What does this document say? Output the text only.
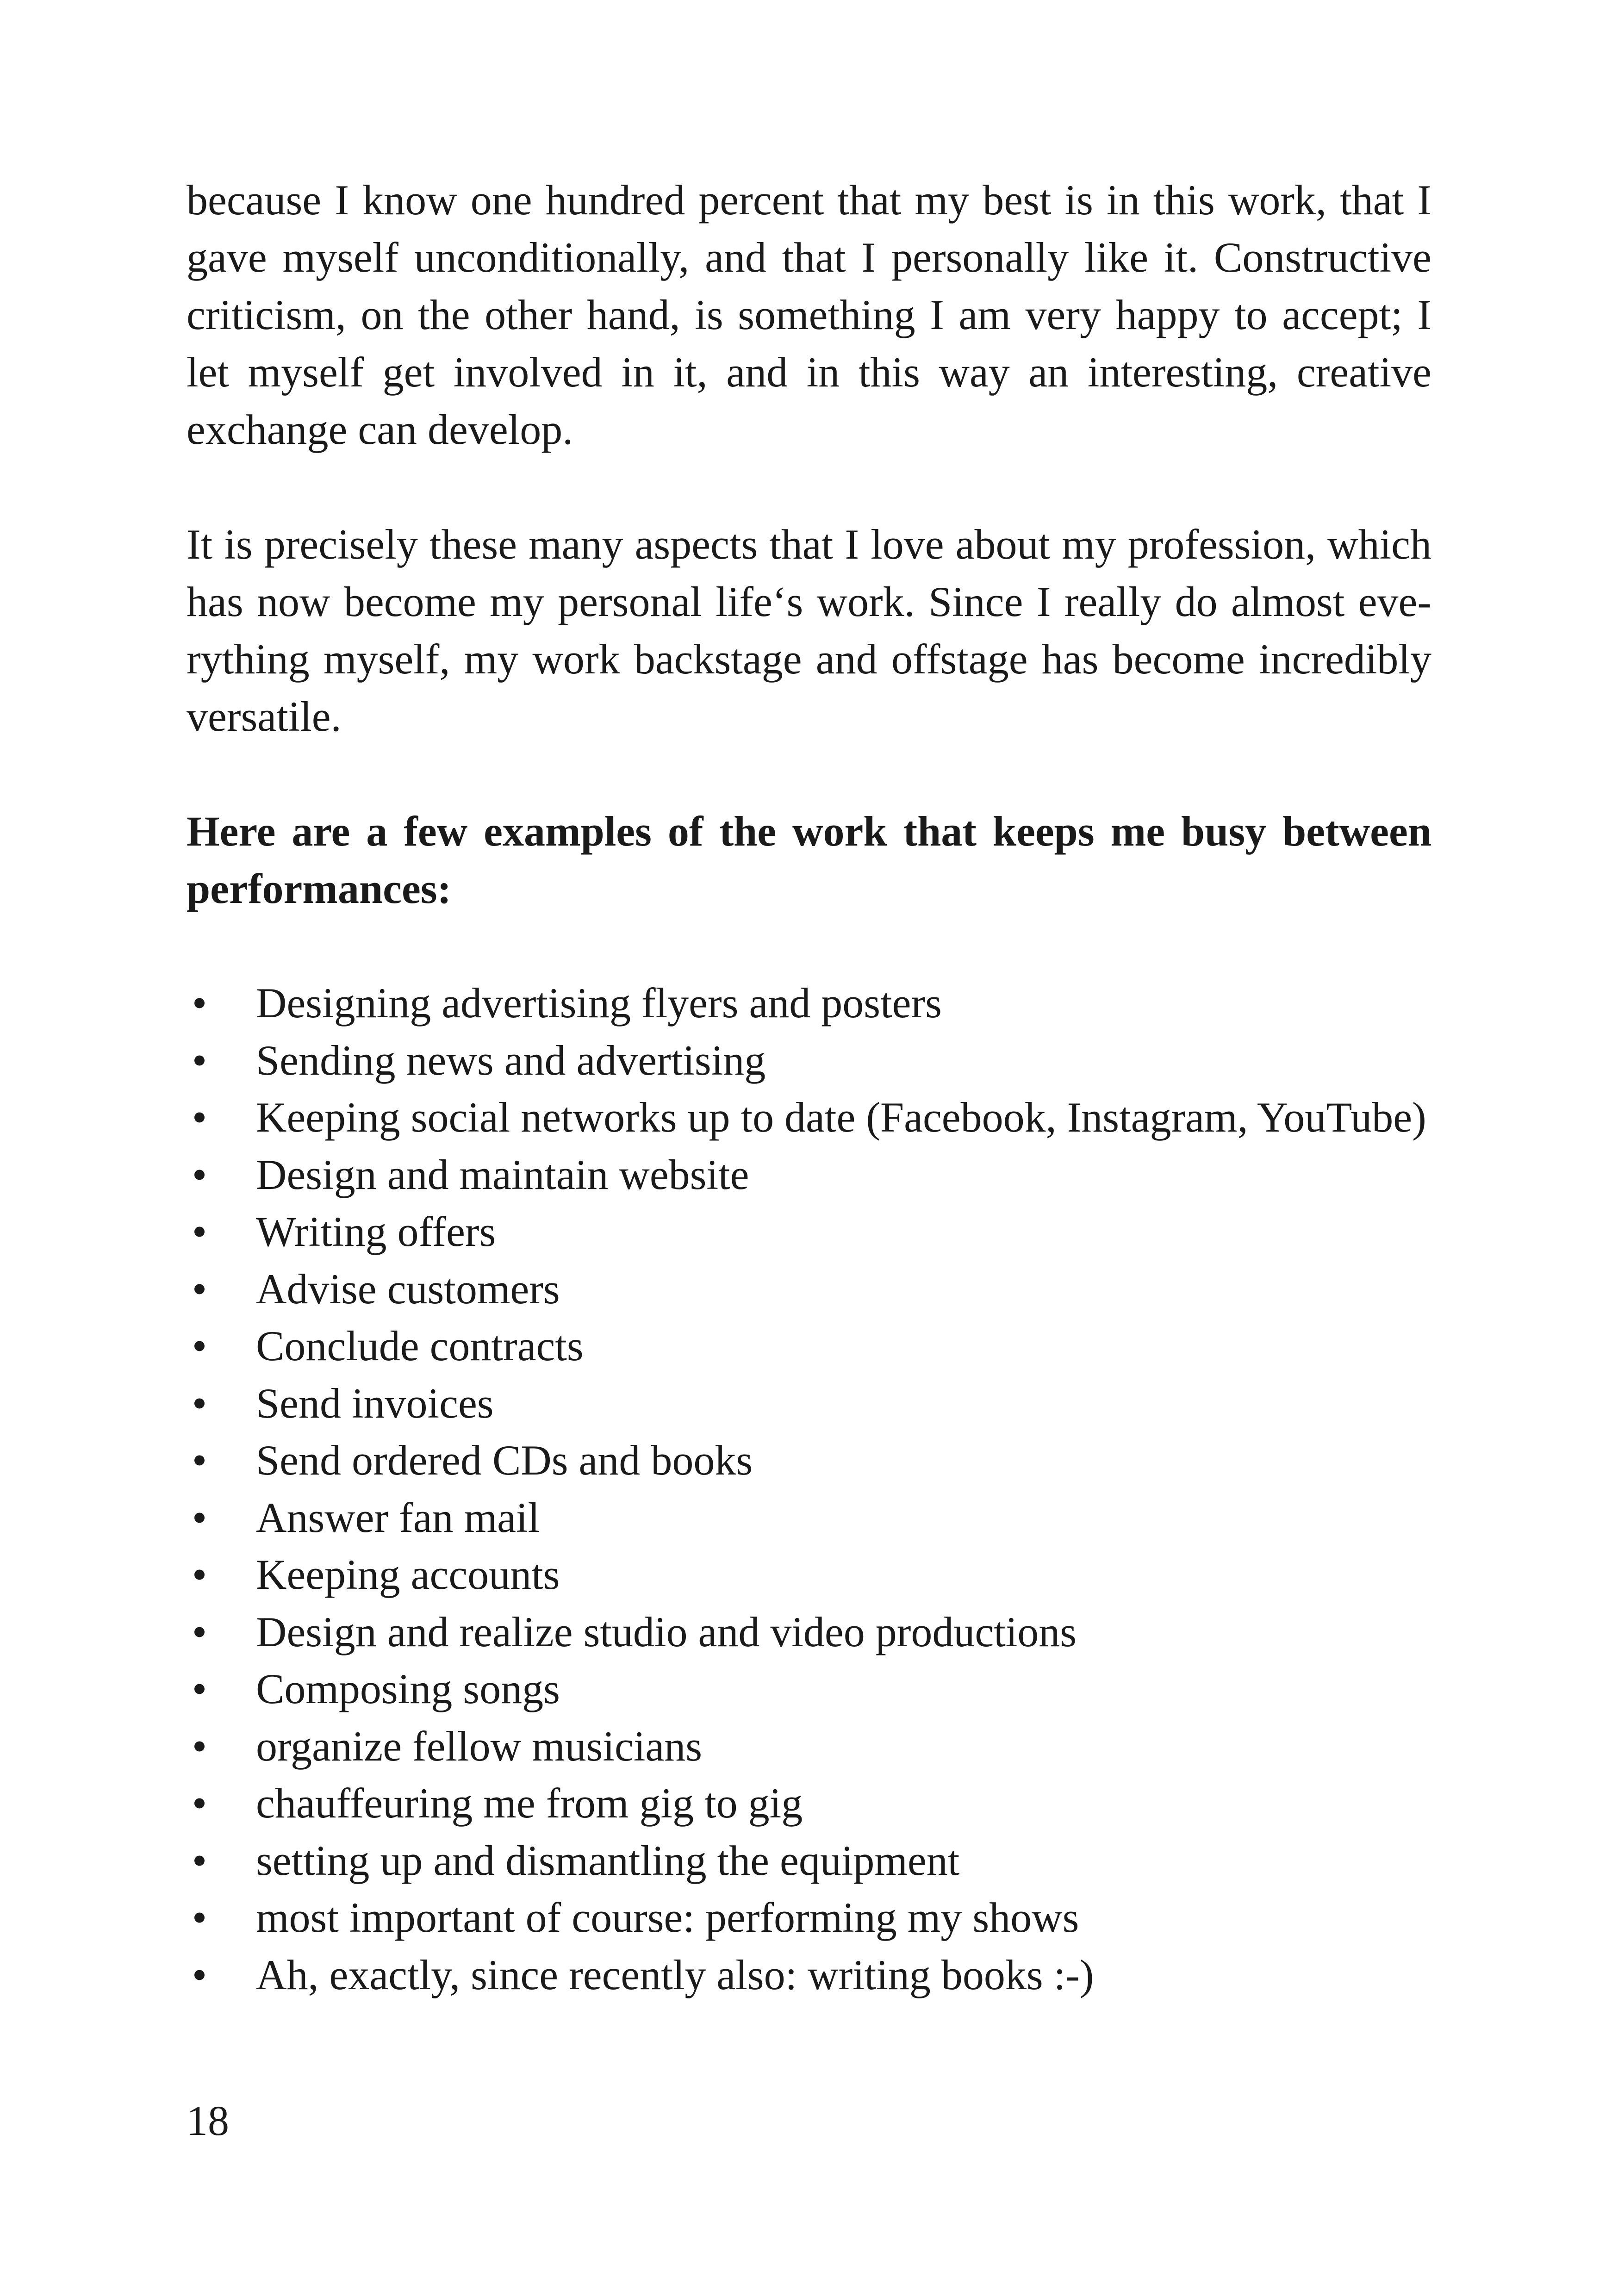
because I know one hundred percent that my best is in this work, that I gave myself unconditionally, and that I personally like it. Constructive criticism, on the other hand, is something I am very happy to accept; I let myself get involved in it, and in this way an interesting, creative exchange can develop.

It is precisely these many aspects that I love about my profession, which has now become my personal life‘s work. Since I really do almost eve-rything myself, my work backstage and offstage has become incredibly versatile.

Here are a few examples of the work that keeps me busy between performances:

• Designing advertising flyers and posters
• Sending news and advertising
• Keeping social networks up to date (Facebook, Instagram, YouTube)
• Design and maintain website
• Writing offers
• Advise customers
• Conclude contracts
• Send invoices
• Send ordered CDs and books
• Answer fan mail
• Keeping accounts
• Design and realize studio and video productions
• Composing songs
• organize fellow musicians
• chauffeuring me from gig to gig
• setting up and dismantling the equipment
• most important of course: performing my shows
• Ah, exactly, since recently also: writing books :-)
18
